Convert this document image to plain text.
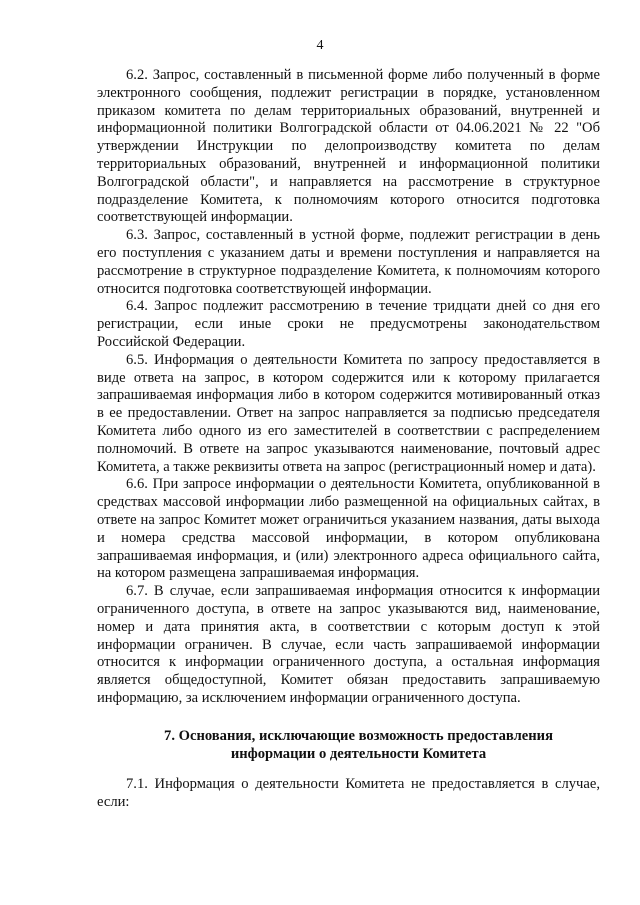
4

6.2. Запрос, составленный в письменной форме либо полученный в форме электронного сообщения, подлежит регистрации в порядке, установленном приказом комитета по делам территориальных образований, внутренней и информационной политики Волгоградской области от 04.06.2021 № 22 "Об утверждении Инструкции по делопроизводству комитета по делам территориальных образований, внутренней и информационной политики Волгоградской области", и направляется на рассмотрение в структурное подразделение Комитета, к полномочиям которого относится подготовка соответствующей информации.

6.3. Запрос, составленный в устной форме, подлежит регистрации в день его поступления с указанием даты и времени поступления и направляется на рассмотрение в структурное подразделение Комитета, к полномочиям которого относится подготовка соответствующей информации.

6.4. Запрос подлежит рассмотрению в течение тридцати дней со дня его регистрации, если иные сроки не предусмотрены законодательством Российской Федерации.

6.5. Информация о деятельности Комитета по запросу предоставляется в виде ответа на запрос, в котором содержится или к которому прилагается запрашиваемая информация либо в котором содержится мотивированный отказ в ее предоставлении. Ответ на запрос направляется за подписью председателя Комитета либо одного из его заместителей в соответствии с распределением полномочий. В ответе на запрос указываются наименование, почтовый адрес Комитета, а также реквизиты ответа на запрос (регистрационный номер и дата).

6.6. При запросе информации о деятельности Комитета, опубликованной в средствах массовой информации либо размещенной на официальных сайтах, в ответе на запрос Комитет может ограничиться указанием названия, даты выхода и номера средства массовой информации, в котором опубликована запрашиваемая информация, и (или) электронного адреса официального сайта, на котором размещена запрашиваемая информация.

6.7. В случае, если запрашиваемая информация относится к информации ограниченного доступа, в ответе на запрос указываются вид, наименование, номер и дата принятия акта, в соответствии с которым доступ к этой информации ограничен. В случае, если часть запрашиваемой информации относится к информации ограниченного доступа, а остальная информация является общедоступной, Комитет обязан предоставить запрашиваемую информацию, за исключением информации ограниченного доступа.

7. Основания, исключающие возможность предоставления
информации о деятельности Комитета

7.1. Информация о деятельности Комитета не предоставляется в случае, если:
